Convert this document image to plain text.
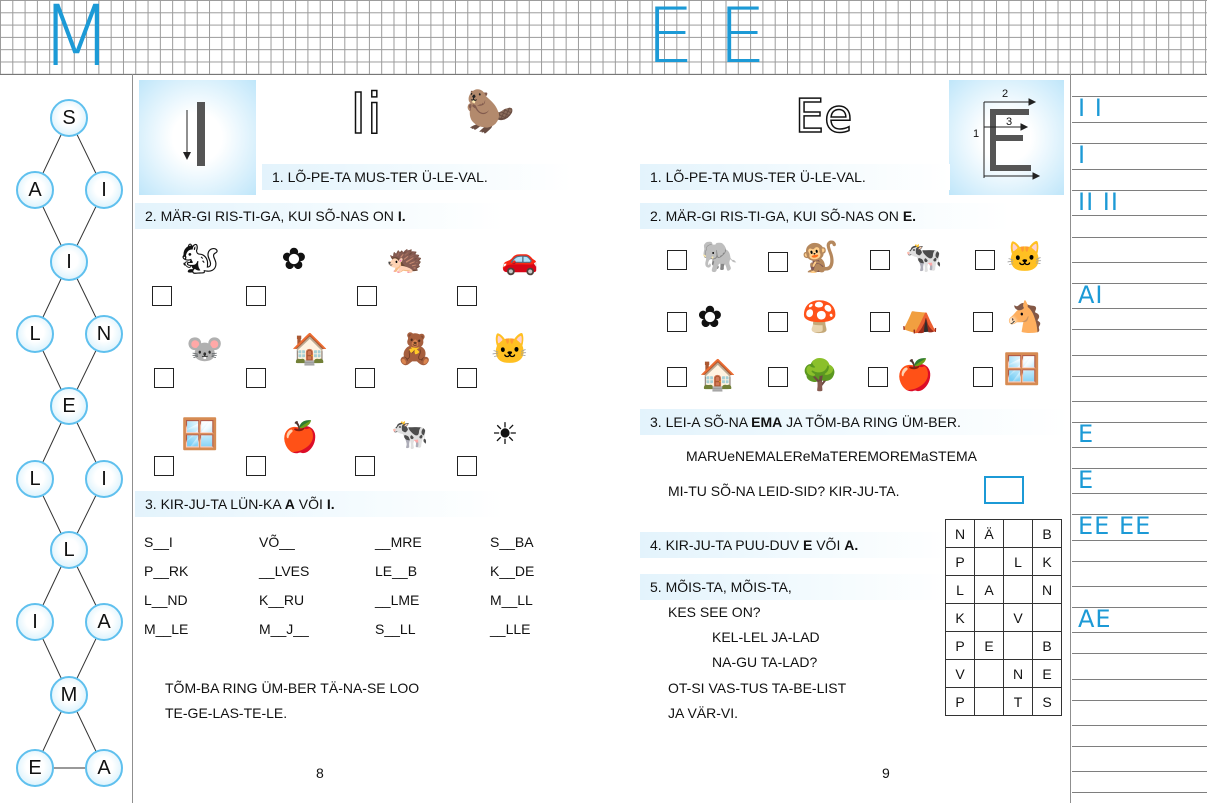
M	E E
S
A	I
I
L	N
E
L	I
L
I	A
M
E	A
I I
I
II II
AI
E
E
EE EE
AE
Ii	🦫
1. LÕ-PE-TA MUS-TER Ü-LE-VAL.
2. MÄR-GI RIS-TI-GA, KUI SÕ-NAS ON I.
🐿	✿	🦔	🚗
🐭	🏠	🧸	🐱
🪟	🍎	🐄	☀
3. KIR-JU-TA LÜN-KA A VÕI I.
S__I	VÕ__	__MRE	S__BA
P__RK	__LVES	LE__B	K__DE
L__ND	K__RU	__LME	M__LL
M__LE	M__J__	S__LL	__LLE
TÕM-BA RING ÜM-BER TÄ-NA-SE LOO
TE-GE-LAS-TE-LE.
8
Ee	1
2
3
1. LÕ-PE-TA MUS-TER Ü-LE-VAL.
2. MÄR-GI RIS-TI-GA, KUI SÕ-NAS ON E.
🐘	🐒	🐄	🐱
✿	🍄	⛺	🐴
🏠	🌳	🍎	🪟
3. LEI-A SÕ-NA EMA JA TÕM-BA RING ÜM-BER.
MARUeNEMALEReMaTEREMOREMaSTEMA
MI-TU SÕ-NA LEID-SID? KIR-JU-TA.
4. KIR-JU-TA PUU-DUV E VÕI A.
5. MÕIS-TA, MÕIS-TA,
KES SEE ON?
KEL-LEL JA-LAD
NA-GU TA-LAD?
OT-SI VAS-TUS TA-BE-LIST
JA VÄR-VI.
N	Ä		B
P		L	K
L	A		N
K		V	
P	E		B
V		N	E
P		T	S
9
